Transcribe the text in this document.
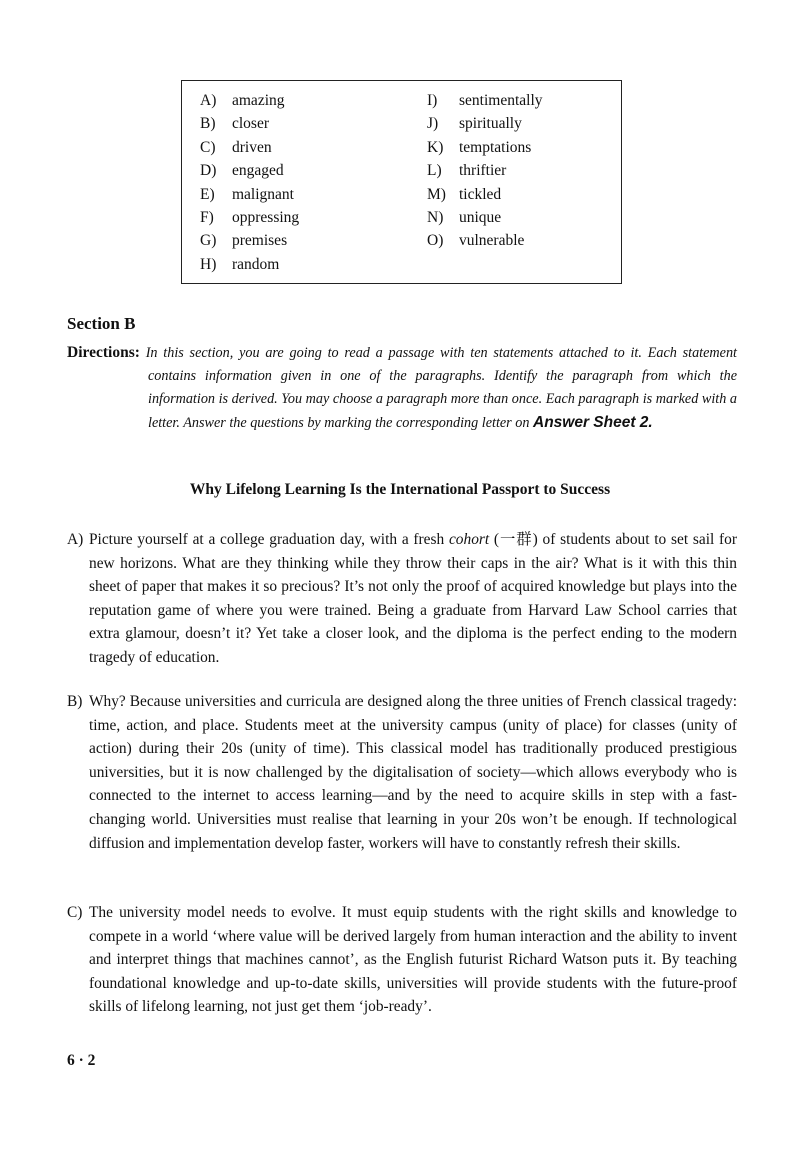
A) amazing
B) closer
C) driven
D) engaged
E) malignant
F) oppressing
G) premises
H) random
I) sentimentally
J) spiritually
K) temptations
L) thriftier
M) tickled
N) unique
O) vulnerable
Section B
Directions: In this section, you are going to read a passage with ten statements attached to it. Each statement contains information given in one of the paragraphs. Identify the paragraph from which the information is derived. You may choose a paragraph more than once. Each paragraph is marked with a letter. Answer the questions by marking the corresponding letter on Answer Sheet 2.
Why Lifelong Learning Is the International Passport to Success
A) Picture yourself at a college graduation day, with a fresh cohort (一群) of students about to set sail for new horizons. What are they thinking while they throw their caps in the air? What is it with this thin sheet of paper that makes it so precious? It’s not only the proof of acquired knowledge but plays into the reputation game of where you were trained. Being a graduate from Harvard Law School carries that extra glamour, doesn’t it? Yet take a closer look, and the diploma is the perfect ending to the modern tragedy of education.
B) Why? Because universities and curricula are designed along the three unities of French classical tragedy: time, action, and place. Students meet at the university campus (unity of place) for classes (unity of action) during their 20s (unity of time). This classical model has traditionally produced prestigious universities, but it is now challenged by the digitalisation of society—which allows everybody who is connected to the internet to access learning—and by the need to acquire skills in step with a fast-changing world. Universities must realise that learning in your 20s won’t be enough. If technological diffusion and implementation develop faster, workers will have to constantly refresh their skills.
C) The university model needs to evolve. It must equip students with the right skills and knowledge to compete in a world ‘where value will be derived largely from human interaction and the ability to invent and interpret things that machines cannot’, as the English futurist Richard Watson puts it. By teaching foundational knowledge and up-to-date skills, universities will provide students with the future-proof skills of lifelong learning, not just get them ‘job-ready’.
6 · 2
